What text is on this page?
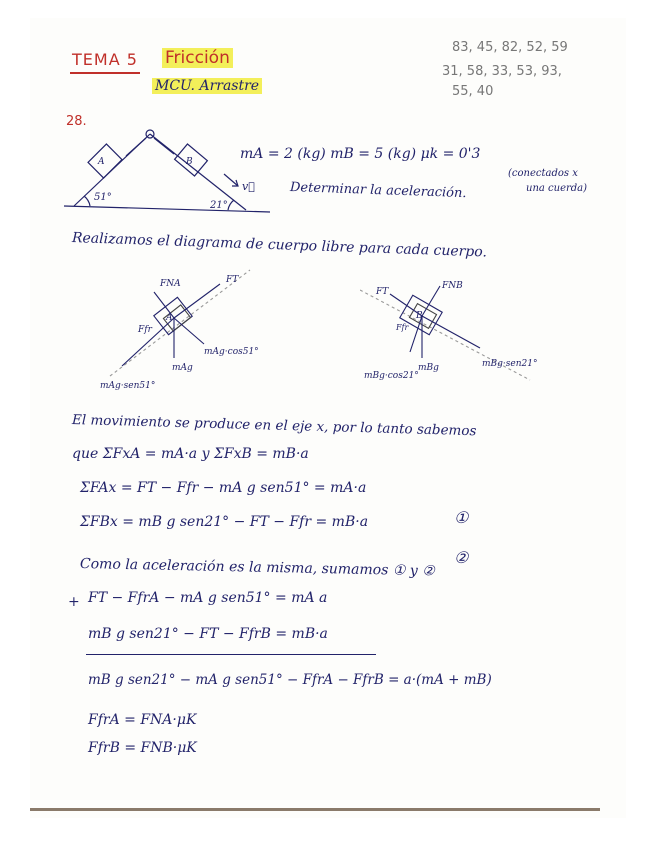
TEMA 5 Fricción
MCU. Arrastre
83, 45, 82, 52, 59
31, 58, 33, 53, 93,
55, 40
28.
A	B
51°
21°
v⃗
mA = 2 (kg) mB = 5 (kg) μk = 0'3
(conectados x
una cuerda)
Determinar la aceleración.
Realizamos el diagrama de cuerpo libre para cada cuerpo.
FNA	FT
Ffr
A
mAg
mAg·cos51°
mAg·sen51°
FNB
FT
B
Ffr
mBg
mBg·cos21°
mBg·sen21°
El movimiento se produce en el eje x, por lo tanto sabemos
que ΣFxA = mA·a y ΣFxB = mB·a
ΣFAx = FT − Ffr − mA g sen51° = mA·a
①
ΣFBx = mB g sen21° − FT − Ffr = mB·a
②
Como la aceleración es la misma, sumamos ① y ②
+ FT − FfrA − mA g sen51° = mA a
mB g sen21° − FT − FfrB = mB·a
mB g sen21° − mA g sen51° − FfrA − FfrB = a·(mA + mB)
FfrA = FNA·μK
FfrB = FNB·μK
